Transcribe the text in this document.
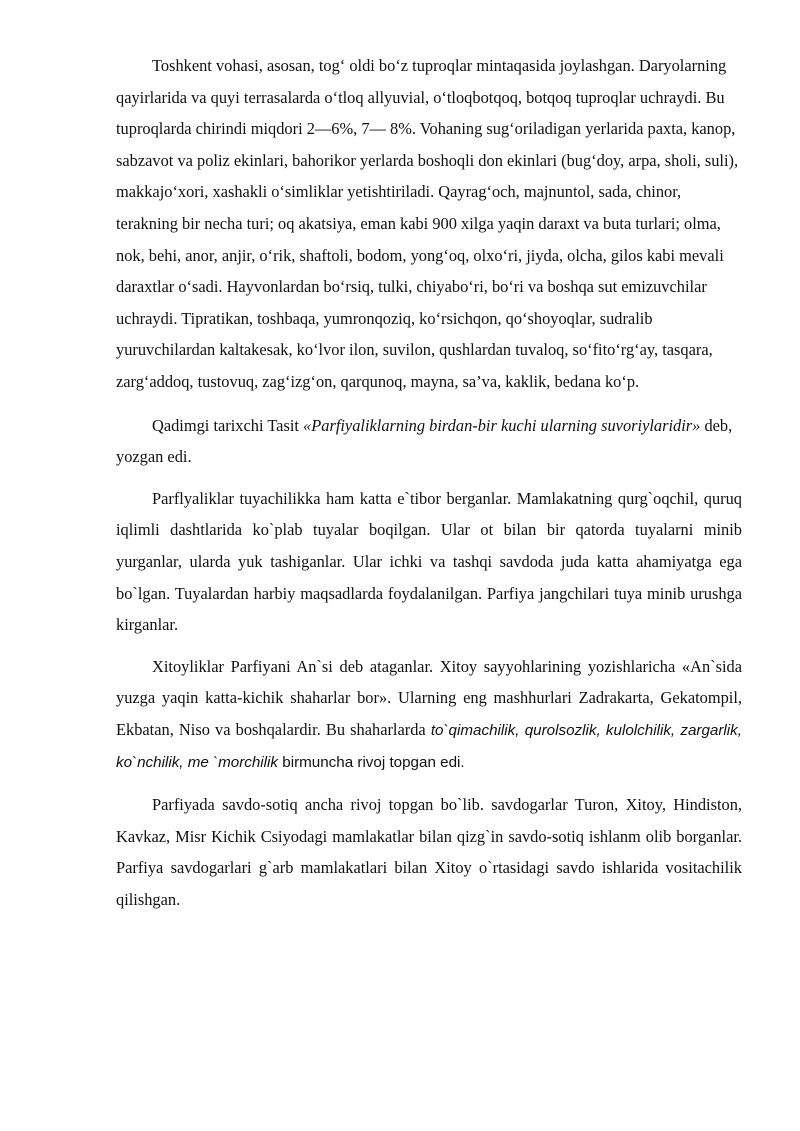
Toshkent vohasi, asosan, tog‘ oldi bo‘z tuproqlar mintaqasida joylashgan. Daryolarning qayirlarida va quyi terrasalarda o‘tloq allyuvial, o‘tloqbotqoq, botqoq tuproqlar uchraydi. Bu tuproqlarda chirindi miqdori 2—6%, 7— 8%. Vohaning sug‘oriladigan yerlarida paxta, kanop, sabzavot va poliz ekinlari, bahorikor yerlarda boshoqli don ekinlari (bug‘doy, arpa, sholi, suli), makkajo‘xori, xashakli o‘simliklar yetishtiriladi. Qayrag‘och, majnuntol, sada, chinor, terakning bir necha turi; oq akatsiya, eman kabi 900 xilga yaqin daraxt va buta turlari; olma, nok, behi, anor, anjir, o‘rik, shaftoli, bodom, yong‘oq, olxo‘ri, jiyda, olcha, gilos kabi mevali daraxtlar o‘sadi. Hayvonlardan bo‘rsiq, tulki, chiyabo‘ri, bo‘ri va boshqa sut emizuvchilar uchraydi. Tipratikan, toshbaqa, yumronqoziq, ko‘rsichqon, qo‘shoyoqlar, sudralib yuruvchilardan kaltakesak, ko‘lvor ilon, suvilon, qushlardan tuvaloq, so‘fito‘rg‘ay, tasqara, zarg‘addoq, tustovuq, zag‘izg‘on, qarqunoq, mayna, sa’va, kaklik, bedana ko‘p.

Qadimgi tarixchi Tasit «Parfiyaliklarning birdan-bir kuchi ularning suvoriylaridir» deb, yozgan edi.

Parflyaliklar tuyachilikka ham katta e`tibor berganlar. Mamlakatning qurg`oqchil, quruq iqlimli dashtlarida ko`plab tuyalar boqilgan. Ular ot bilan bir qatorda tuyalarni minib yurganlar, ularda yuk tashiganlar. Ular ichki va tashqi savdoda juda katta ahamiyatga ega bo`lgan. Tuyalardan harbiy maqsadlarda foydalanilgan. Parfiya jangchilari tuya minib urushga kirganlar.

Xitoyliklar Parfiyani An`si deb ataganlar. Xitoy sayyohlarining yozishlaricha «An`sida yuzga yaqin katta-kichik shaharlar bor». Ularning eng mashhurlari Zadrakarta, Gekatompil, Ekbatan, Niso va boshqalardir. Bu shaharlarda to`qimachilik, qurolsozlik, kulolchilik, zargarlik, ko`nchilik, me `morchilik birmuncha rivoj topgan edi.

Parfiyada savdo-sotiq ancha rivoj topgan bo`lib. savdogarlar Turon, Xitoy, Hindiston, Kavkaz, Misr Kichik Csiyodagi mamlakatlar bilan qizg`in savdo-sotiq ishlanm olib borganlar. Parfiya savdogarlari g`arb mamlakatlari bilan Xitoy o`rtasidagi savdo ishlarida vositachilik qilishgan.
